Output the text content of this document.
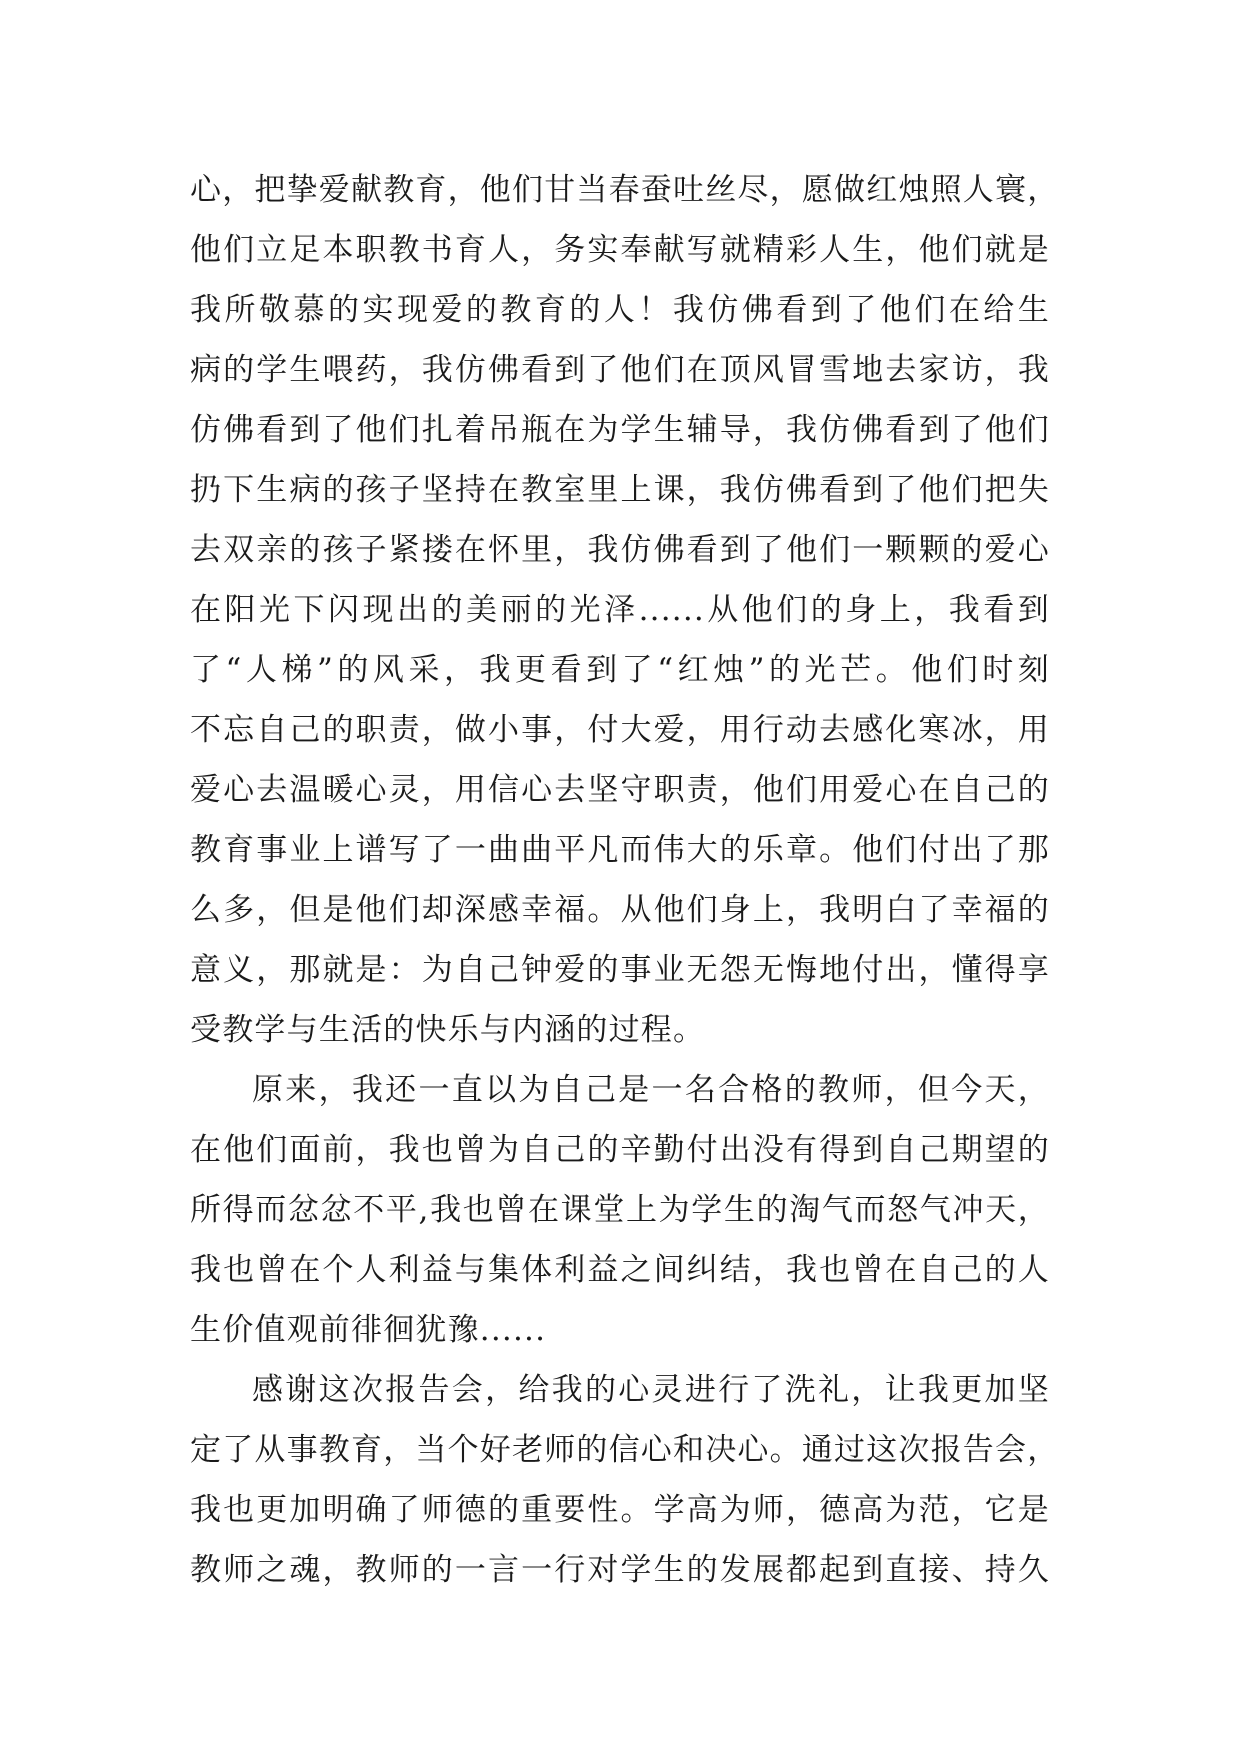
心，把挚爱献教育，他们甘当春蚕吐丝尽，愿做红烛照人寰，
他们立足本职教书育人，务实奉献写就精彩人生，他们就是
我所敬慕的实现爱的教育的人！我仿佛看到了他们在给生
病的学生喂药，我仿佛看到了他们在顶风冒雪地去家访，我
仿佛看到了他们扎着吊瓶在为学生辅导，我仿佛看到了他们
扔下生病的孩子坚持在教室里上课，我仿佛看到了他们把失
去双亲的孩子紧搂在怀里，我仿佛看到了他们一颗颗的爱心
在阳光下闪现出的美丽的光泽......从他们的身上，我看到
了“人梯”的风采，我更看到了“红烛”的光芒。他们时刻
不忘自己的职责，做小事，付大爱，用行动去感化寒冰，用
爱心去温暖心灵，用信心去坚守职责，他们用爱心在自己的
教育事业上谱写了一曲曲平凡而伟大的乐章。他们付出了那
么多，但是他们却深感幸福。从他们身上，我明白了幸福的
意义，那就是：为自己钟爱的事业无怨无悔地付出，懂得享
受教学与生活的快乐与内涵的过程。
原来，我还一直以为自己是一名合格的教师，但今天，
在他们面前，我也曾为自己的辛勤付出没有得到自己期望的
所得而忿忿不平,我也曾在课堂上为学生的淘气而怒气冲天，
我也曾在个人利益与集体利益之间纠结，我也曾在自己的人
生价值观前徘徊犹豫......
感谢这次报告会，给我的心灵进行了洗礼，让我更加坚
定了从事教育，当个好老师的信心和决心。通过这次报告会，
我也更加明确了师德的重要性。学高为师，德高为范，它是
教师之魂，教师的一言一行对学生的发展都起到直接、持久
